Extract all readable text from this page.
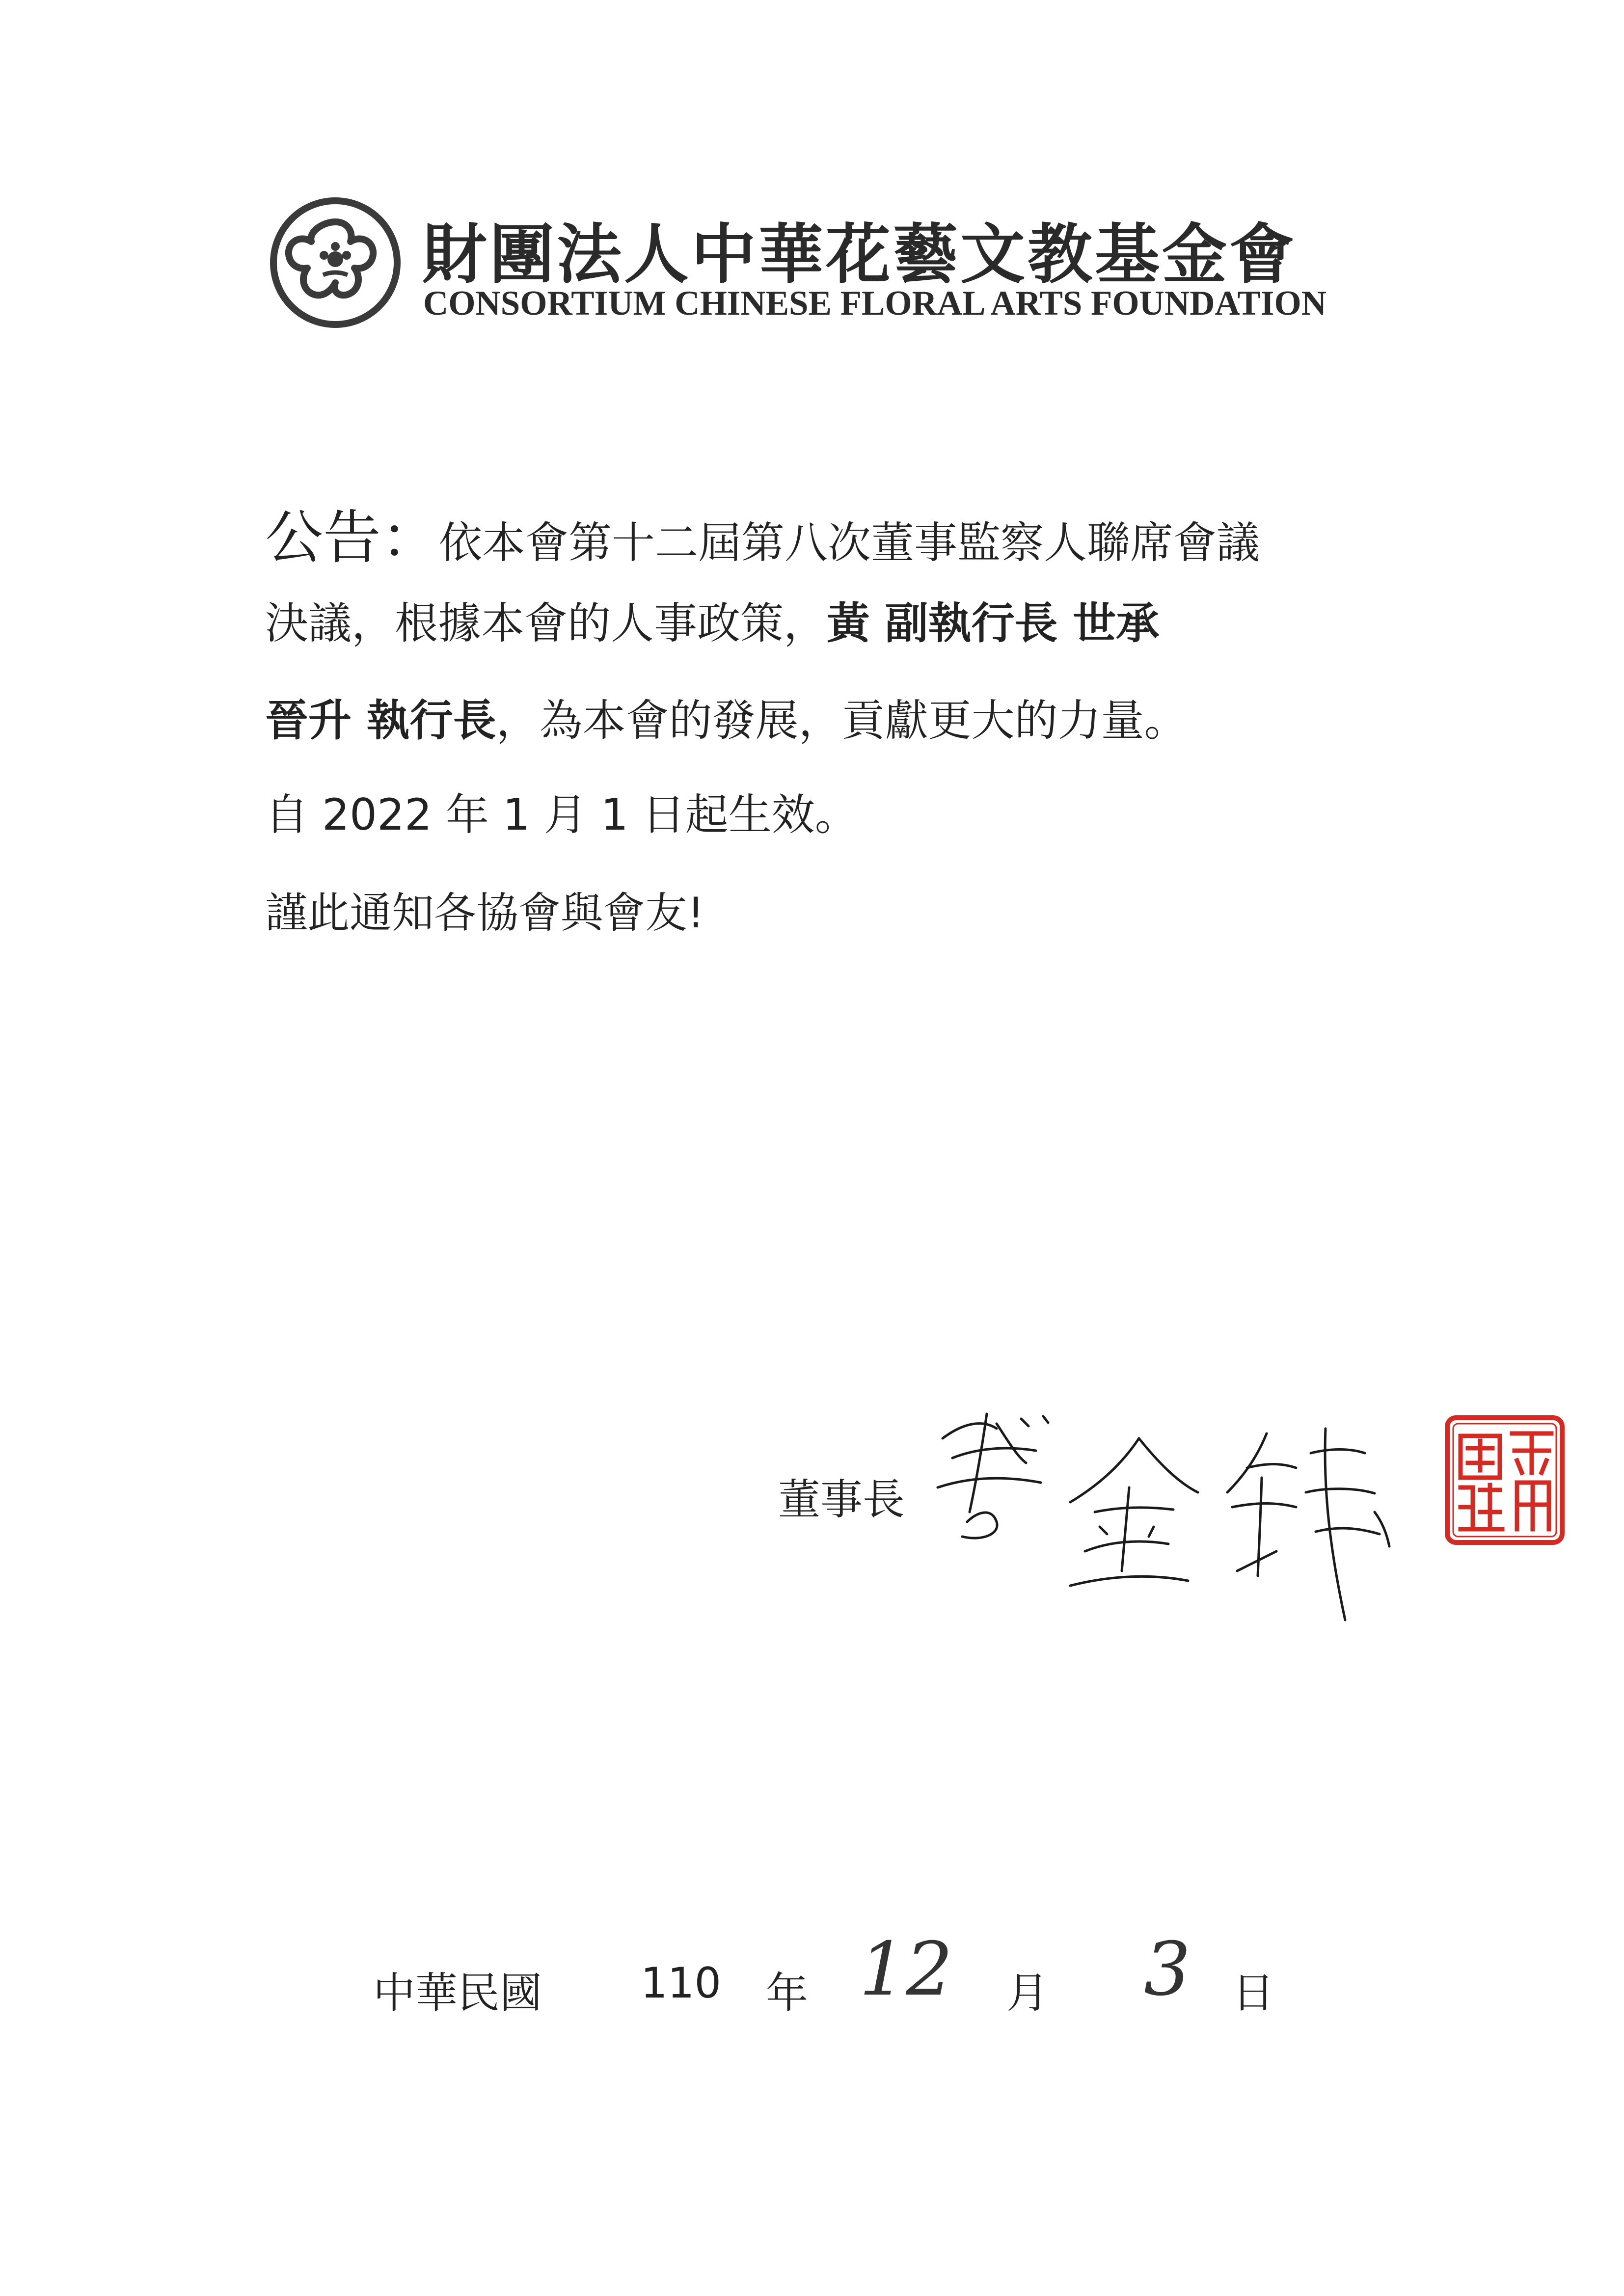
財團法人中華花藝文教基金會
CONSORTIUM CHINESE FLORAL ARTS FOUNDATION
公告：依本會第十二屆第八次董事監察人聯席會議
決議，根據本會的人事政策，黃 副執行長 世承
晉升 執行長，為本會的發展，貢獻更大的力量。
自 2022 年 1 月 1 日起生效。
謹此通知各協會與會友!
董事長
中華民國 110 年 12 月 3 日
